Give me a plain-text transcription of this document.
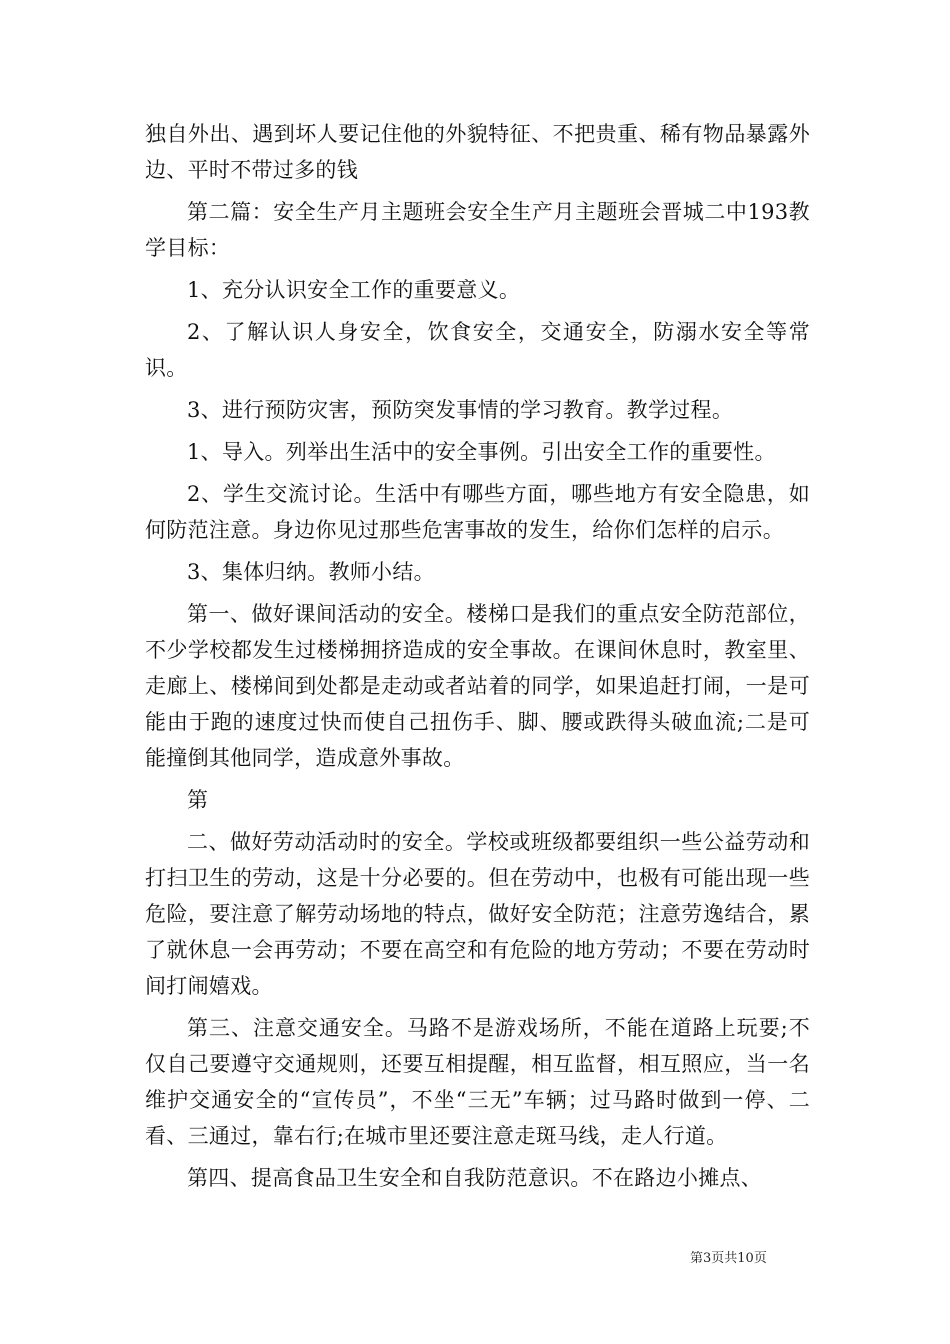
独自外出、遇到坏人要记住他的外貌特征、不把贵重、稀有物品暴露外边、平时不带过多的钱

第二篇：安全生产月主题班会安全生产月主题班会晋城二中193教学目标：

1、充分认识安全工作的重要意义。

2、了解认识人身安全，饮食安全，交通安全，防溺水安全等常识。

3、进行预防灾害，预防突发事情的学习教育。教学过程。

1、导入。列举出生活中的安全事例。引出安全工作的重要性。

2、学生交流讨论。生活中有哪些方面，哪些地方有安全隐患，如何防范注意。身边你见过那些危害事故的发生，给你们怎样的启示。

3、集体归纳。教师小结。

第一、做好课间活动的安全。楼梯口是我们的重点安全防范部位，不少学校都发生过楼梯拥挤造成的安全事故。在课间休息时，教室里、走廊上、楼梯间到处都是走动或者站着的同学，如果追赶打闹，一是可能由于跑的速度过快而使自己扭伤手、脚、腰或跌得头破血流;二是可能撞倒其他同学，造成意外事故。

第

二、做好劳动活动时的安全。学校或班级都要组织一些公益劳动和打扫卫生的劳动，这是十分必要的。但在劳动中，也极有可能出现一些危险，要注意了解劳动场地的特点，做好安全防范；注意劳逸结合，累了就休息一会再劳动；不要在高空和有危险的地方劳动；不要在劳动时间打闹嬉戏。

第三、注意交通安全。马路不是游戏场所，不能在道路上玩要;不仅自己要遵守交通规则，还要互相提醒，相互监督，相互照应，当一名维护交通安全的“宣传员”，不坐“三无”车辆；过马路时做到一停、二看、三通过，靠右行;在城市里还要注意走斑马线，走人行道。

第四、提高食品卫生安全和自我防范意识。不在路边小摊点、

第3页共10页
